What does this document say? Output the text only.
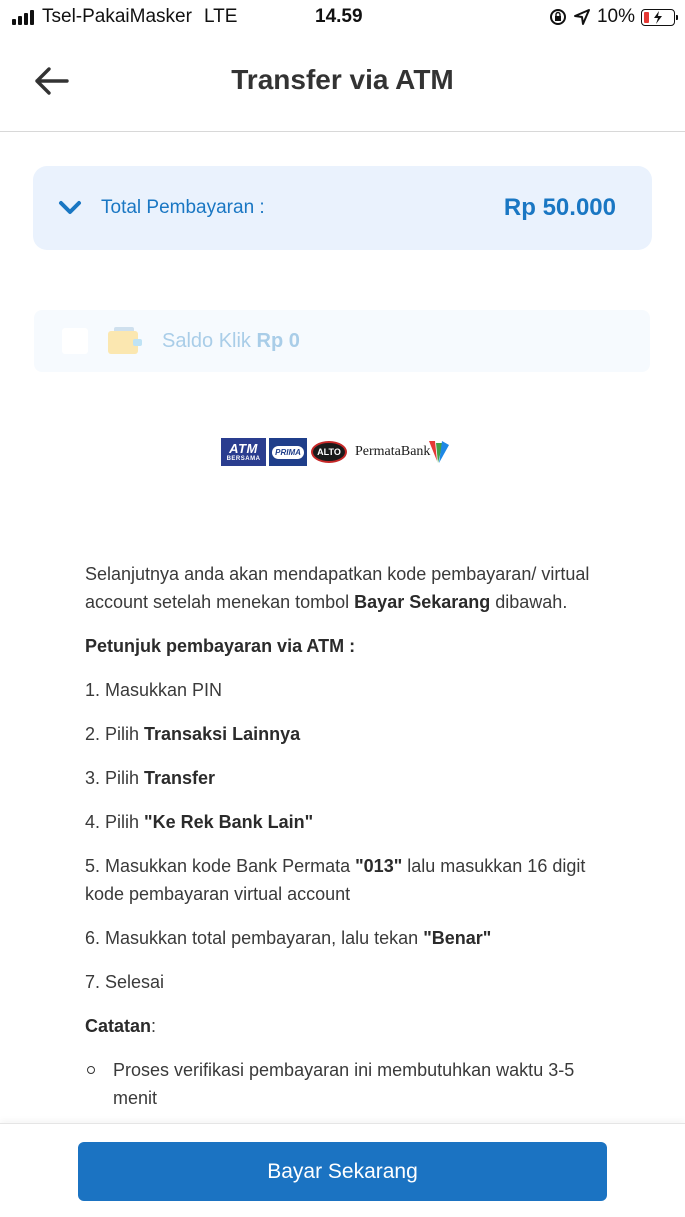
Tsel-PakaiMasker LTE	14.59	10%
Transfer via ATM
Total Pembayaran :	Rp 50.000
Saldo Klik Rp 0
ATM
BERSAMA
PRIMA	ALTO	PermataBank

Selanjutnya anda akan mendapatkan kode pembayaran/ virtual account setelah menekan tombol Bayar Sekarang dibawah.

Petunjuk pembayaran via ATM :

1. Masukkan PIN

2. Pilih Transaksi Lainnya

3. Pilih Transfer

4. Pilih "Ke Rek Bank Lain"

5. Masukkan kode Bank Permata "013" lalu masukkan 16 digit kode pembayaran virtual account

6. Masukkan total pembayaran, lalu tekan "Benar"

7. Selesai

Catatan:

Proses verifikasi pembayaran ini membutuhkan waktu 3-5 menit
Bayar Sekarang
